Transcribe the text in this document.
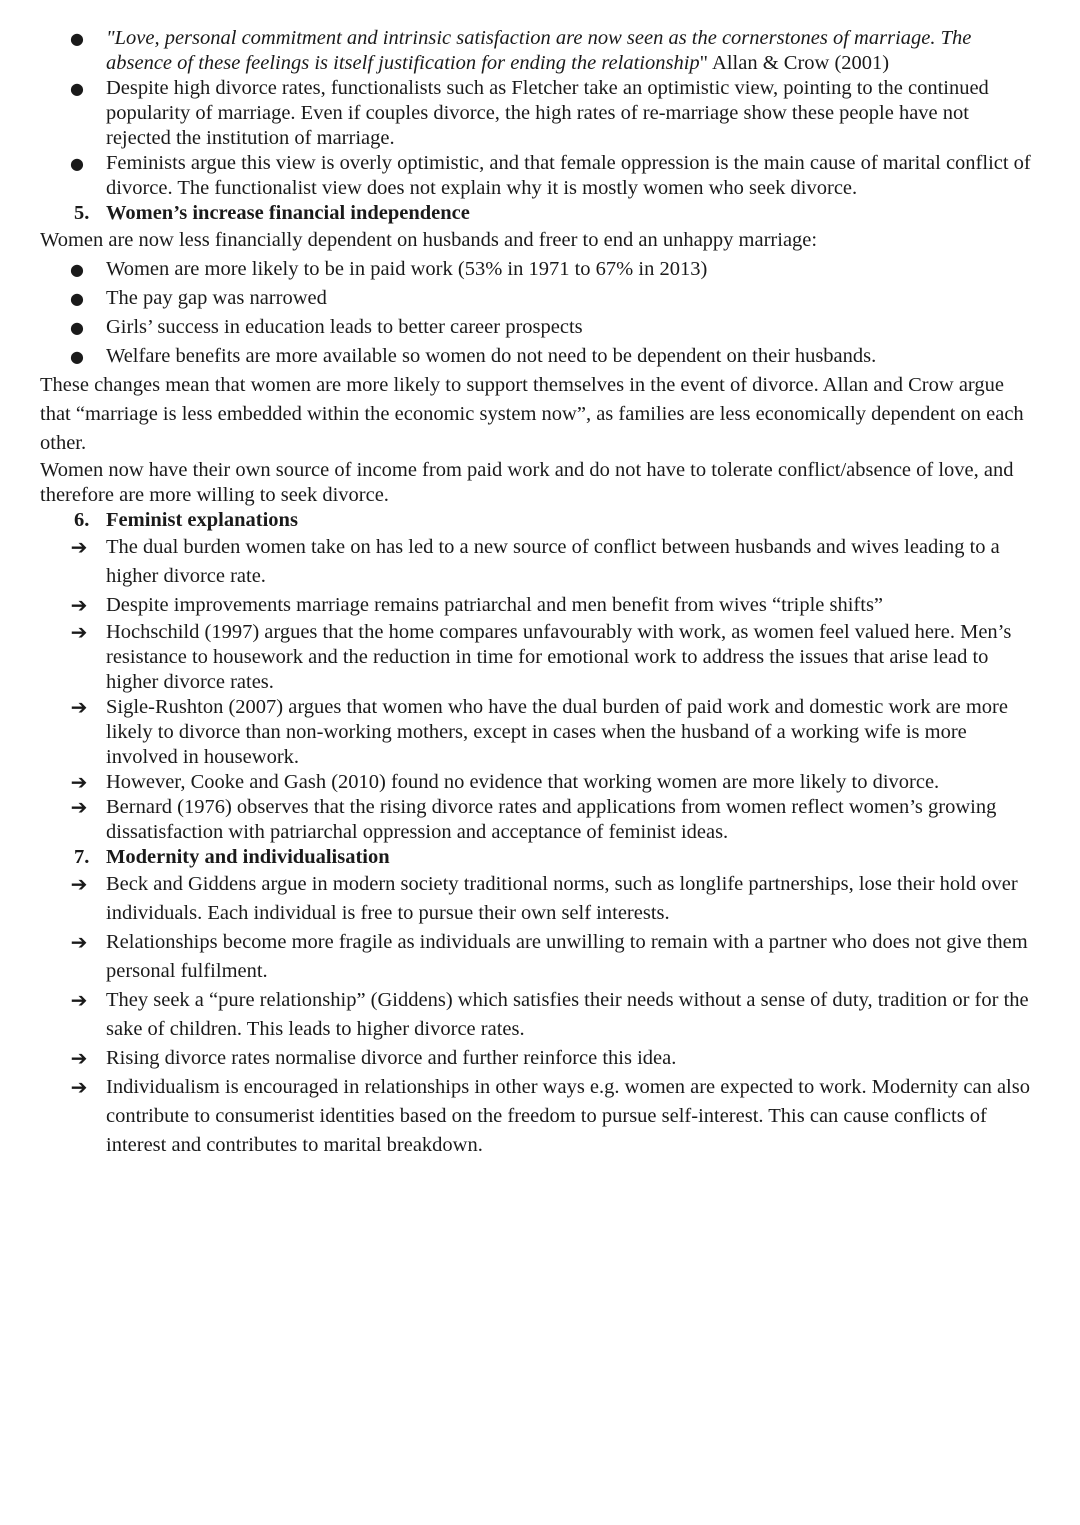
● "Love, personal commitment and intrinsic satisfaction are now seen as the cornerstones of marriage. The absence of these feelings is itself justification for ending the relationship" Allan & Crow (2001)
● Despite high divorce rates, functionalists such as Fletcher take an optimistic view, pointing to the continued popularity of marriage. Even if couples divorce, the high rates of re-marriage show these people have not rejected the institution of marriage.
● Feminists argue this view is overly optimistic, and that female oppression is the main cause of marital conflict of divorce. The functionalist view does not explain why it is mostly women who seek divorce.
5. Women’s increase financial independence
Women are now less financially dependent on husbands and freer to end an unhappy marriage:
● Women are more likely to be in paid work (53% in 1971 to 67% in 2013)
● The pay gap was narrowed
● Girls’ success in education leads to better career prospects
● Welfare benefits are more available so women do not need to be dependent on their husbands.
These changes mean that women are more likely to support themselves in the event of divorce. Allan and Crow argue that “marriage is less embedded within the economic system now”, as families are less economically dependent on each other.
Women now have their own source of income from paid work and do not have to tolerate conflict/absence of love, and therefore are more willing to seek divorce.
6. Feminist explanations
➔ The dual burden women take on has led to a new source of conflict between husbands and wives leading to a higher divorce rate.
➔ Despite improvements marriage remains patriarchal and men benefit from wives “triple shifts”
➔ Hochschild (1997) argues that the home compares unfavourably with work, as women feel valued here. Men’s resistance to housework and the reduction in time for emotional work to address the issues that arise lead to higher divorce rates.
➔ Sigle-Rushton (2007) argues that women who have the dual burden of paid work and domestic work are more likely to divorce than non-working mothers, except in cases when the husband of a working wife is more involved in housework.
➔ However, Cooke and Gash (2010) found no evidence that working women are more likely to divorce.
➔ Bernard (1976) observes that the rising divorce rates and applications from women reflect women’s growing dissatisfaction with patriarchal oppression and acceptance of feminist ideas.
7. Modernity and individualisation
➔ Beck and Giddens argue in modern society traditional norms, such as longlife partnerships, lose their hold over individuals. Each individual is free to pursue their own self interests.
➔ Relationships become more fragile as individuals are unwilling to remain with a partner who does not give them personal fulfilment.
➔ They seek a “pure relationship” (Giddens) which satisfies their needs without a sense of duty, tradition or for the sake of children. This leads to higher divorce rates.
➔ Rising divorce rates normalise divorce and further reinforce this idea.
➔ Individualism is encouraged in relationships in other ways e.g. women are expected to work. Modernity can also contribute to consumerist identities based on the freedom to pursue self-interest. This can cause conflicts of interest and contributes to marital breakdown.
